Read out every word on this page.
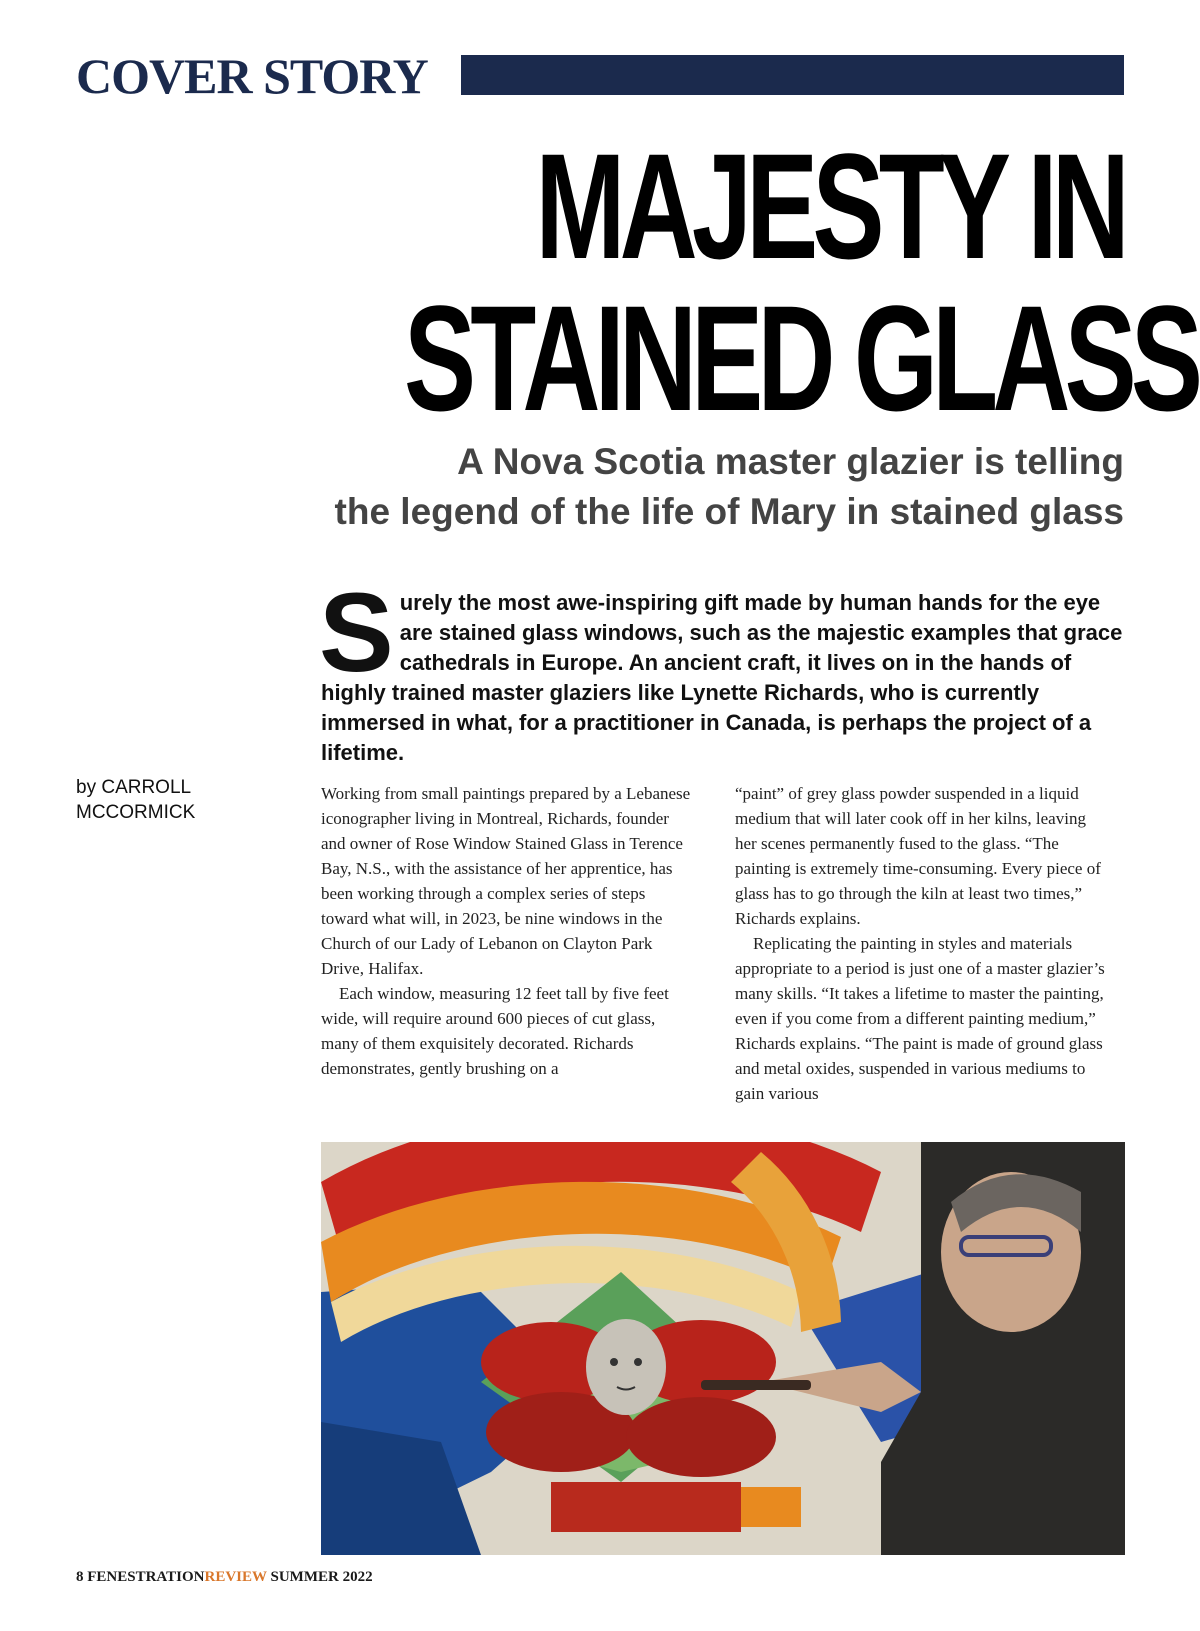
COVER STORY
MAJESTY IN
STAINED GLASS
A Nova Scotia master glazier is telling
the legend of the life of Mary in stained glass

Surely the most awe-inspiring gift made by human hands for the eye are stained glass windows, such as the majestic examples that grace cathedrals in Europe. An ancient craft, it lives on in the hands of highly trained master glaziers like Lynette Richards, who is currently immersed in what, for a practitioner in Canada, is perhaps the project of a lifetime.

by CARROLL MCCORMICK

Working from small paintings prepared by a Lebanese iconographer living in Montreal, Richards, founder and owner of Rose Window Stained Glass in Terence Bay, N.S., with the assistance of her apprentice, has been working through a complex series of steps toward what will, in 2023, be nine windows in the Church of our Lady of Lebanon on Clayton Park Drive, Halifax.

Each window, measuring 12 feet tall by five feet wide, will require around 600 pieces of cut glass, many of them exquisitely decorated. Richards demonstrates, gently brushing on a

“paint” of grey glass powder suspended in a liquid medium that will later cook off in her kilns, leaving her scenes permanently fused to the glass. “The painting is extremely time-consuming. Every piece of glass has to go through the kiln at least two times,” Richards explains.

Replicating the painting in styles and materials appropriate to a period is just one of a master glazier’s many skills. “It takes a lifetime to master the painting, even if you come from a different painting medium,” Richards explains. “The paint is made of ground glass and metal oxides, suspended in various mediums to gain various

8 FENESTRATIONREVIEW SUMMER 2022
